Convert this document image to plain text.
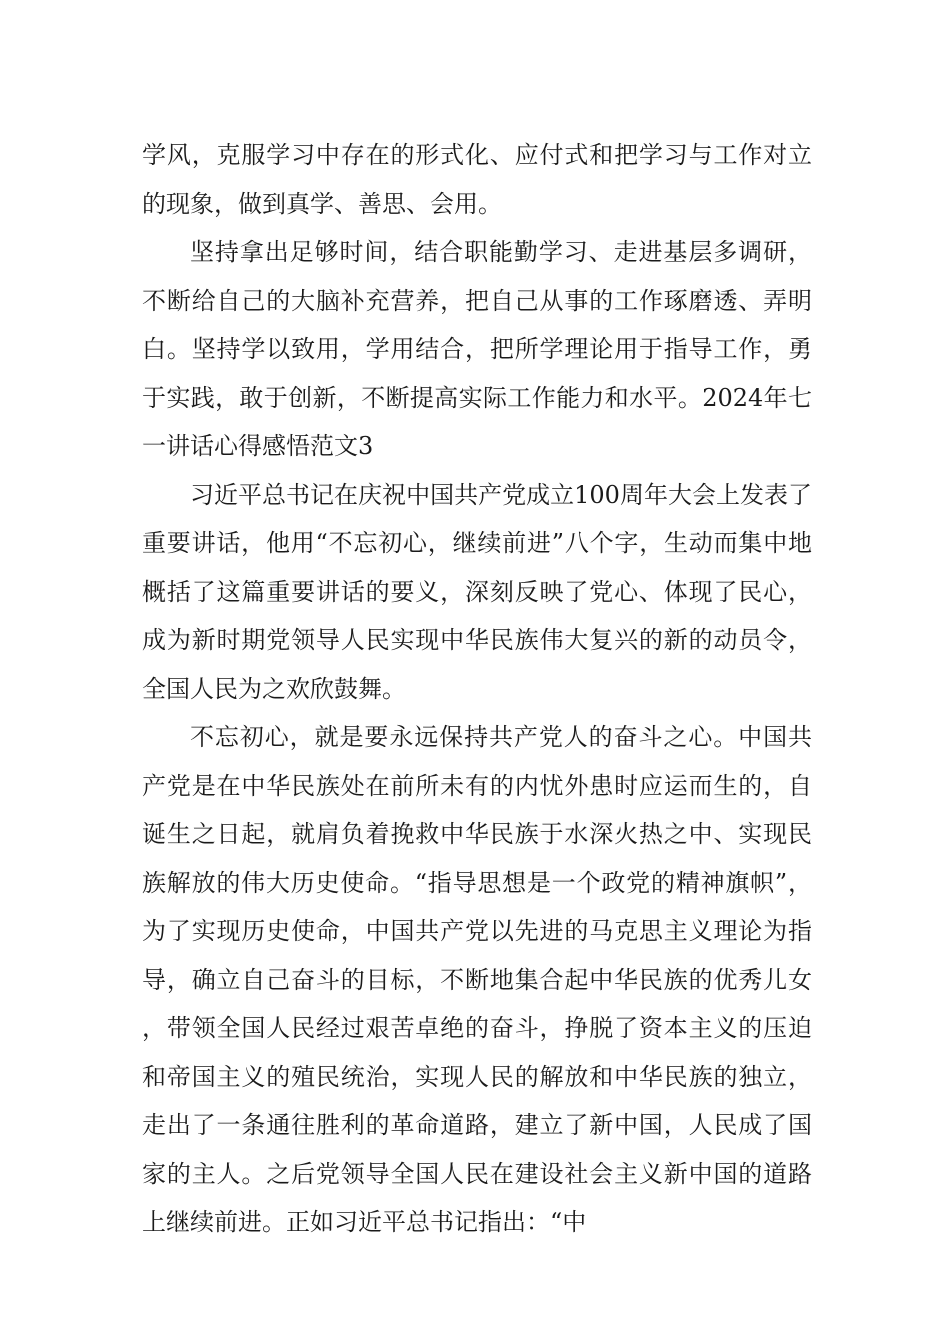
学风，克服学习中存在的形式化、应付式和把学习与工作对立的现象，做到真学、善思、会用。

坚持拿出足够时间，结合职能勤学习、走进基层多调研，不断给自己的大脑补充营养，把自己从事的工作琢磨透、弄明白。坚持学以致用，学用结合，把所学理论用于指导工作，勇于实践，敢于创新，不断提高实际工作能力和水平。2024年七一讲话心得感悟范文3

习近平总书记在庆祝中国共产党成立100周年大会上发表了重要讲话，他用“不忘初心，继续前进”八个字，生动而集中地概括了这篇重要讲话的要义，深刻反映了党心、体现了民心，成为新时期党领导人民实现中华民族伟大复兴的新的动员令，全国人民为之欢欣鼓舞。

不忘初心，就是要永远保持共产党人的奋斗之心。中国共产党是在中华民族处在前所未有的内忧外患时应运而生的，自诞生之日起，就肩负着挽救中华民族于水深火热之中、实现民族解放的伟大历史使命。“指导思想是一个政党的精神旗帜”，为了实现历史使命，中国共产党以先进的马克思主义理论为指导，确立自己奋斗的目标，不断地集合起中华民族的优秀儿女，带领全国人民经过艰苦卓绝的奋斗，挣脱了资本主义的压迫和帝国主义的殖民统治，实现人民的解放和中华民族的独立，走出了一条通往胜利的革命道路，建立了新中国，人民成了国家的主人。之后党领导全国人民在建设社会主义新中国的道路上继续前进。正如习近平总书记指出：“中
